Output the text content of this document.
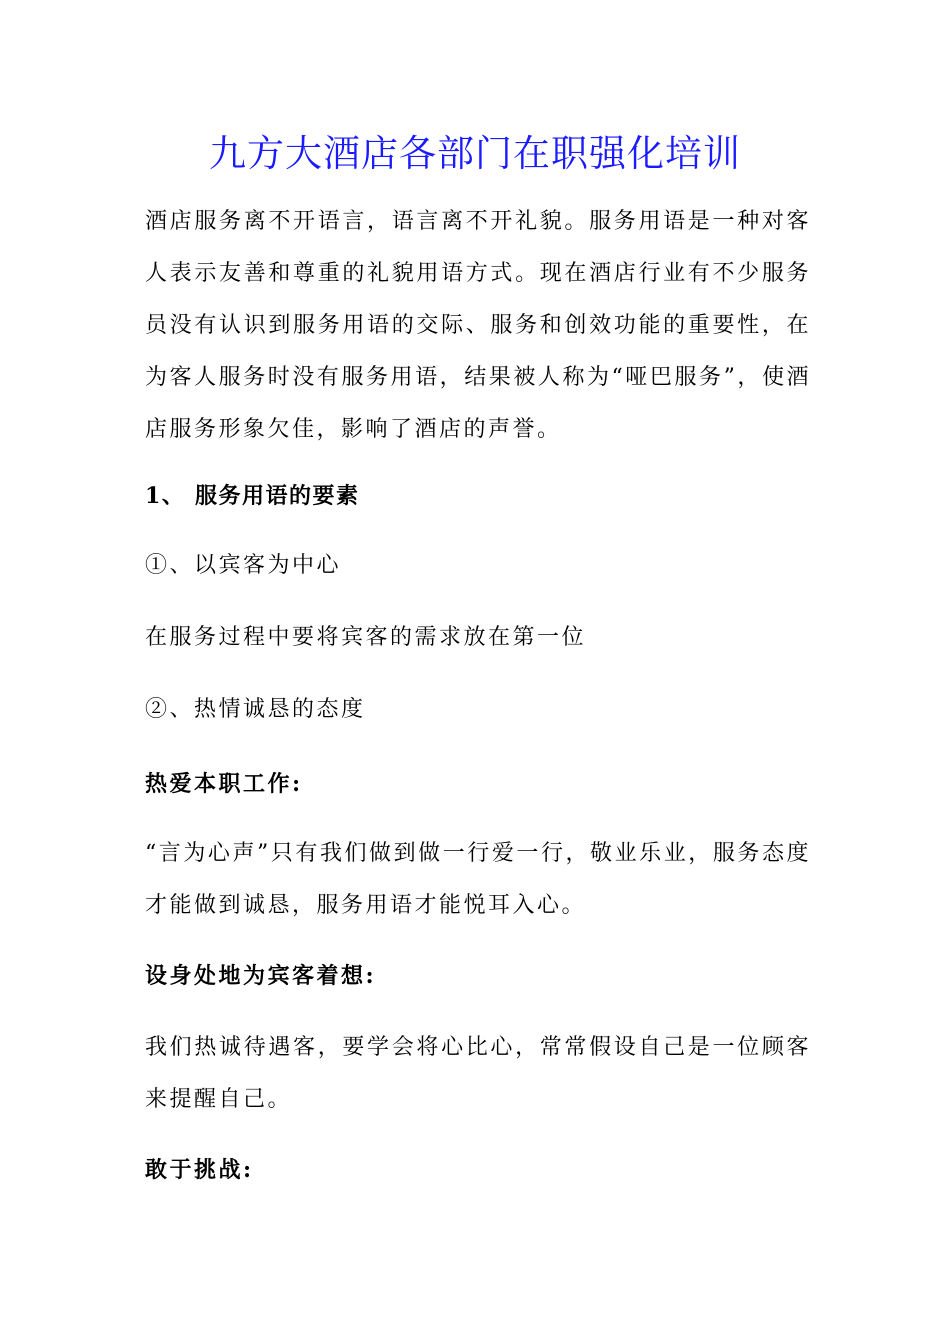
九方大酒店各部门在职强化培训

酒店服务离不开语言，语言离不开礼貌。服务用语是一种对客人表示友善和尊重的礼貌用语方式。现在酒店行业有不少服务员没有认识到服务用语的交际、服务和创效功能的重要性，在为客人服务时没有服务用语，结果被人称为“哑巴服务”，使酒店服务形象欠佳，影响了酒店的声誉。

1、 服务用语的要素

①、以宾客为中心

在服务过程中要将宾客的需求放在第一位

②、热情诚恳的态度

热爱本职工作:

“言为心声”只有我们做到做一行爱一行，敬业乐业，服务态度才能做到诚恳，服务用语才能悦耳入心。

设身处地为宾客着想:

我们热诚待遇客，要学会将心比心，常常假设自己是一位顾客来提醒自己。

敢于挑战:
